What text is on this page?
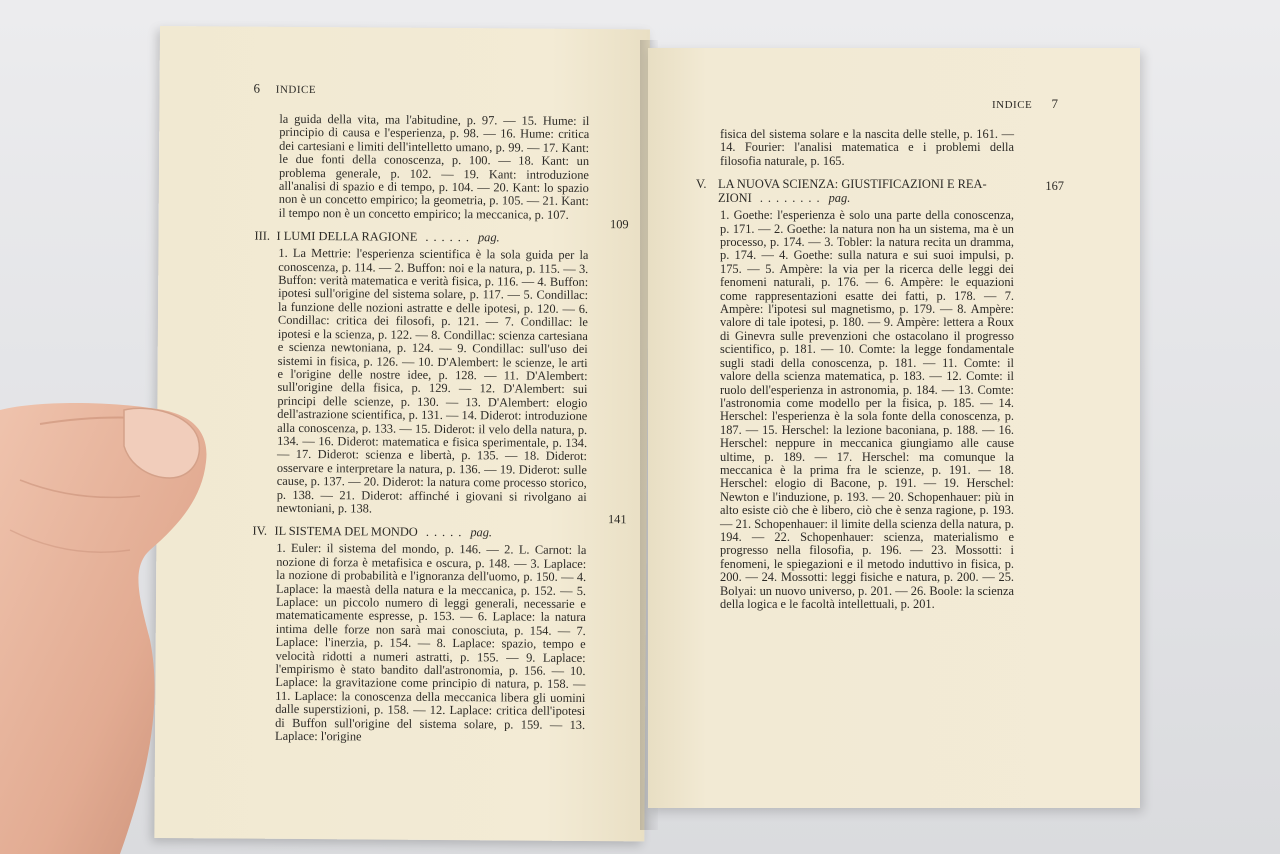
6 INDICE

la guida della vita, ma l'abitudine, p. 97. — 15. Hume: il principio di causa e l'esperienza, p. 98. — 16. Hume: critica dei cartesiani e limiti dell'intelletto umano, p. 99. — 17. Kant: le due fonti della conoscenza, p. 100. — 18. Kant: un problema generale, p. 102. — 19. Kant: introduzione all'analisi di spazio e di tempo, p. 104. — 20. Kant: lo spazio non è un concetto empirico; la geometria, p. 105. — 21. Kant: il tempo non è un concetto empirico; la meccanica, p. 107.

III. I LUMI DELLA RAGIONE ...... pag.
109

1. La Mettrie: l'esperienza scientifica è la sola guida per la conoscenza, p. 114. — 2. Buffon: noi e la natura, p. 115. — 3. Buffon: verità matematica e verità fisica, p. 116. — 4. Buffon: ipotesi sull'origine del sistema solare, p. 117. — 5. Condillac: la funzione delle nozioni astratte e delle ipotesi, p. 120. — 6. Condillac: critica dei filosofi, p. 121. — 7. Condillac: le ipotesi e la scienza, p. 122. — 8. Condillac: scienza cartesiana e scienza newtoniana, p. 124. — 9. Condillac: sull'uso dei sistemi in fisica, p. 126. — 10. D'Alembert: le scienze, le arti e l'origine delle nostre idee, p. 128. — 11. D'Alembert: sull'origine della fisica, p. 129. — 12. D'Alembert: sui principi delle scienze, p. 130. — 13. D'Alembert: elogio dell'astrazione scientifica, p. 131. — 14. Diderot: introduzione alla conoscenza, p. 133. — 15. Diderot: il velo della natura, p. 134. — 16. Diderot: matematica e fisica sperimentale, p. 134. — 17. Diderot: scienza e libertà, p. 135. — 18. Diderot: osservare e interpretare la natura, p. 136. — 19. Diderot: sulle cause, p. 137. — 20. Diderot: la natura come processo storico, p. 138. — 21. Diderot: affinché i giovani si rivolgano ai newtoniani, p. 138.

IV. IL SISTEMA DEL MONDO ..... pag.
141

1. Euler: il sistema del mondo, p. 146. — 2. L. Carnot: la nozione di forza è metafisica e oscura, p. 148. — 3. Laplace: la nozione di probabilità e l'ignoranza dell'uomo, p. 150. — 4. Laplace: la maestà della natura e la meccanica, p. 152. — 5. Laplace: un piccolo numero di leggi generali, necessarie e matematicamente espresse, p. 153. — 6. Laplace: la natura intima delle forze non sarà mai conosciuta, p. 154. — 7. Laplace: l'inerzia, p. 154. — 8. Laplace: spazio, tempo e velocità ridotti a numeri astratti, p. 155. — 9. Laplace: l'empirismo è stato bandito dall'astronomia, p. 156. — 10. Laplace: la gravitazione come principio di natura, p. 158. — 11. Laplace: la conoscenza della meccanica libera gli uomini dalle superstizioni, p. 158. — 12. Laplace: critica dell'ipotesi di Buffon sull'origine del sistema solare, p. 159. — 13. Laplace: l'origine

INDICE 7

fisica del sistema solare e la nascita delle stelle, p. 161. — 14. Fourier: l'analisi matematica e i problemi della filosofia naturale, p. 165.

V. LA NUOVA SCIENZA: GIUSTIFICAZIONI E REA-
ZIONI ........ pag.
167

1. Goethe: l'esperienza è solo una parte della conoscenza, p. 171. — 2. Goethe: la natura non ha un sistema, ma è un processo, p. 174. — 3. Tobler: la natura recita un dramma, p. 174. — 4. Goethe: sulla natura e sui suoi impulsi, p. 175. — 5. Ampère: la via per la ricerca delle leggi dei fenomeni naturali, p. 176. — 6. Ampère: le equazioni come rappresentazioni esatte dei fatti, p. 178. — 7. Ampère: l'ipotesi sul magnetismo, p. 179. — 8. Ampère: valore di tale ipotesi, p. 180. — 9. Ampère: lettera a Roux di Ginevra sulle prevenzioni che ostacolano il progresso scientifico, p. 181. — 10. Comte: la legge fondamentale sugli stadi della conoscenza, p. 181. — 11. Comte: il valore della scienza matematica, p. 183. — 12. Comte: il ruolo dell'esperienza in astronomia, p. 184. — 13. Comte: l'astronomia come modello per la fisica, p. 185. — 14. Herschel: l'esperienza è la sola fonte della conoscenza, p. 187. — 15. Herschel: la lezione baconiana, p. 188. — 16. Herschel: neppure in meccanica giungiamo alle cause ultime, p. 189. — 17. Herschel: ma comunque la meccanica è la prima fra le scienze, p. 191. — 18. Herschel: elogio di Bacone, p. 191. — 19. Herschel: Newton e l'induzione, p. 193. — 20. Schopenhauer: più in alto esiste ciò che è libero, ciò che è senza ragione, p. 193. — 21. Schopenhauer: il limite della scienza della natura, p. 194. — 22. Schopenhauer: scienza, materialismo e progresso nella filosofia, p. 196. — 23. Mossotti: i fenomeni, le spiegazioni e il metodo induttivo in fisica, p. 200. — 24. Mossotti: leggi fisiche e natura, p. 200. — 25. Bolyai: un nuovo universo, p. 201. — 26. Boole: la scienza della logica e le facoltà intellettuali, p. 201.
